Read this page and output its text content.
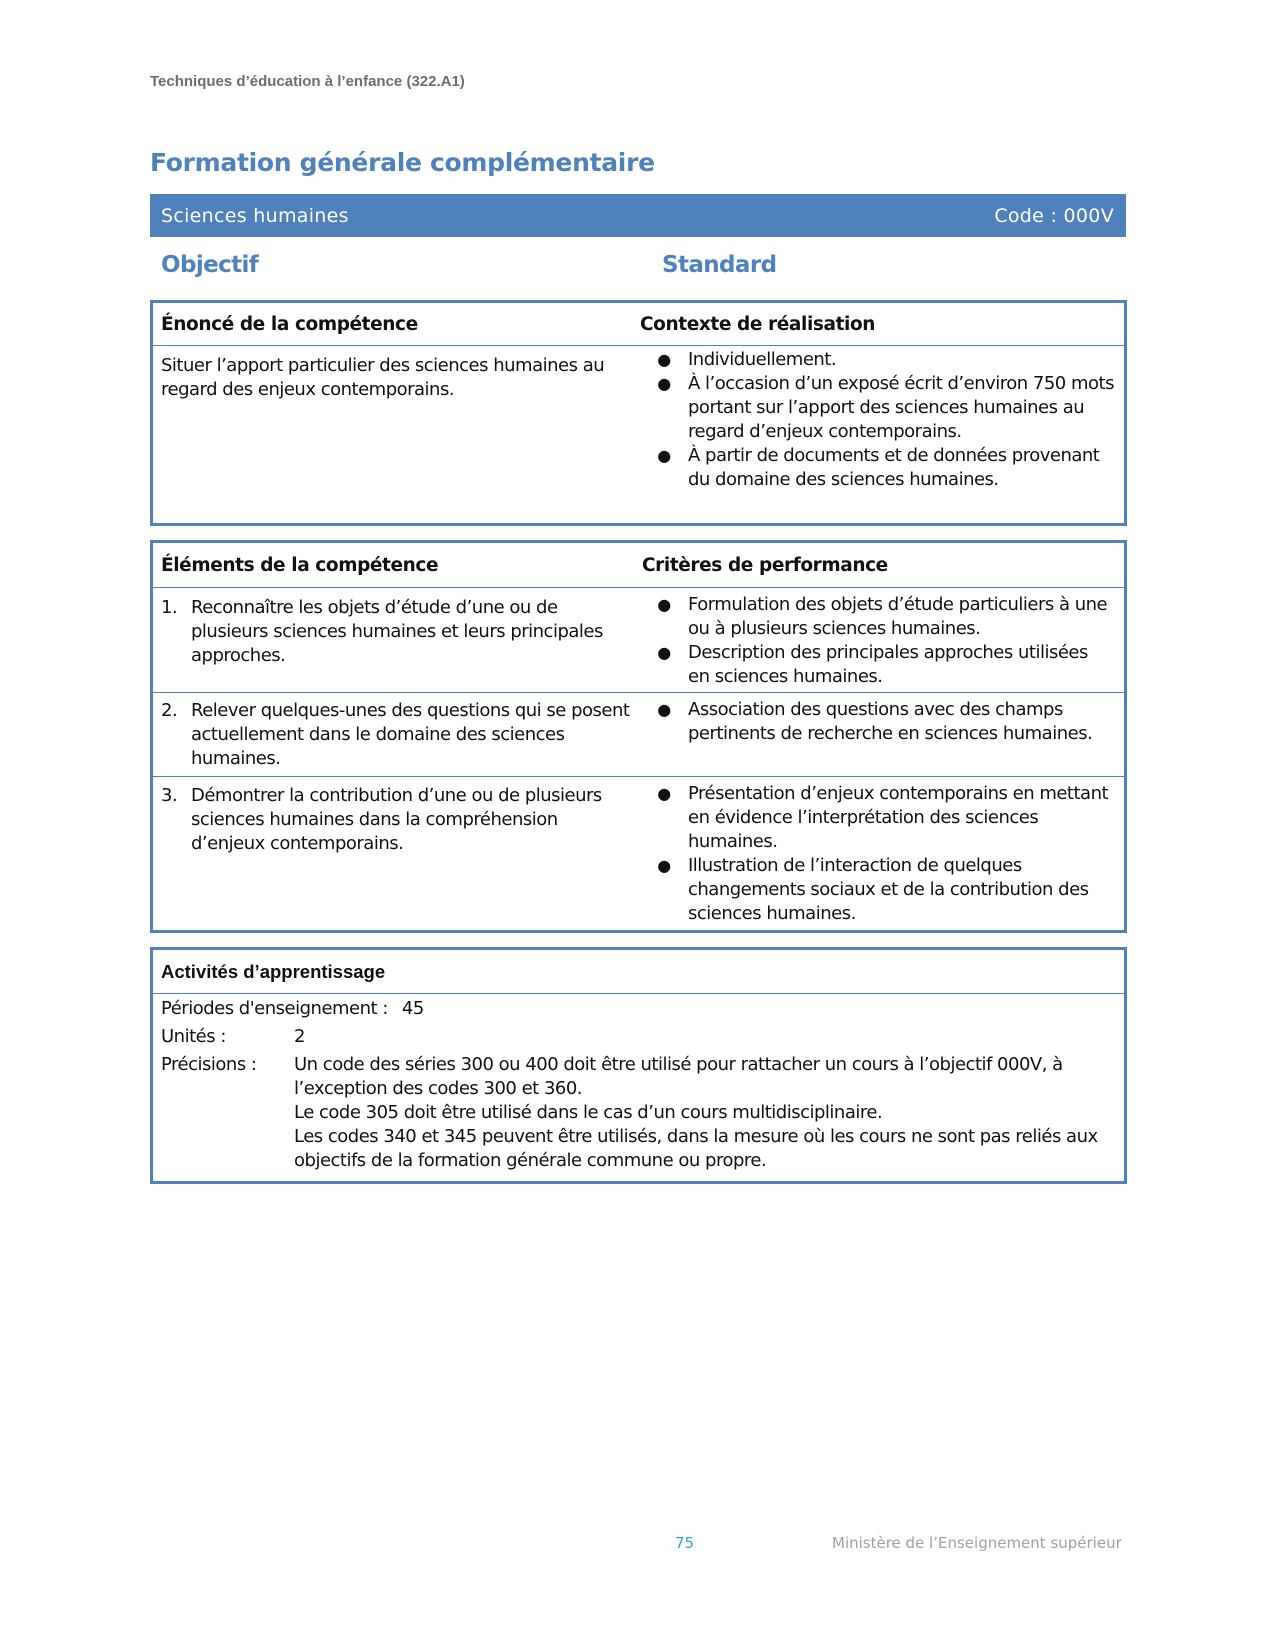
Techniques d’éducation à l’enfance (322.A1)
Formation générale complémentaire
Sciences humaines	Code : 000V
Objectif	Standard
Énoncé de la compétence	Contexte de réalisation
Situer l’apport particulier des sciences humaines au regard des enjeux contemporains.
● Individuellement.
● À l’occasion d’un exposé écrit d’environ 750 mots portant sur l’apport des sciences humaines au regard d’enjeux contemporains.
● À partir de documents et de données provenant du domaine des sciences humaines.
Éléments de la compétence	Critères de performance
1. Reconnaître les objets d’étude d’une ou de plusieurs sciences humaines et leurs principales approches.
● Formulation des objets d’étude particuliers à une ou à plusieurs sciences humaines.
● Description des principales approches utilisées en sciences humaines.
2. Relever quelques-unes des questions qui se posent actuellement dans le domaine des sciences humaines.
● Association des questions avec des champs pertinents de recherche en sciences humaines.
3. Démontrer la contribution d’une ou de plusieurs sciences humaines dans la compréhension d’enjeux contemporains.
● Présentation d’enjeux contemporains en mettant en évidence l’interprétation des sciences humaines.
● Illustration de l’interaction de quelques changements sociaux et de la contribution des sciences humaines.
Activités d’apprentissage
Périodes d'enseignement : 45
Unités :	2
Précisions :	Un code des séries 300 ou 400 doit être utilisé pour rattacher un cours à l’objectif 000V, à l’exception des codes 300 et 360.
Le code 305 doit être utilisé dans le cas d’un cours multidisciplinaire.
Les codes 340 et 345 peuvent être utilisés, dans la mesure où les cours ne sont pas reliés aux objectifs de la formation générale commune ou propre.
75	Ministère de l’Enseignement supérieur
